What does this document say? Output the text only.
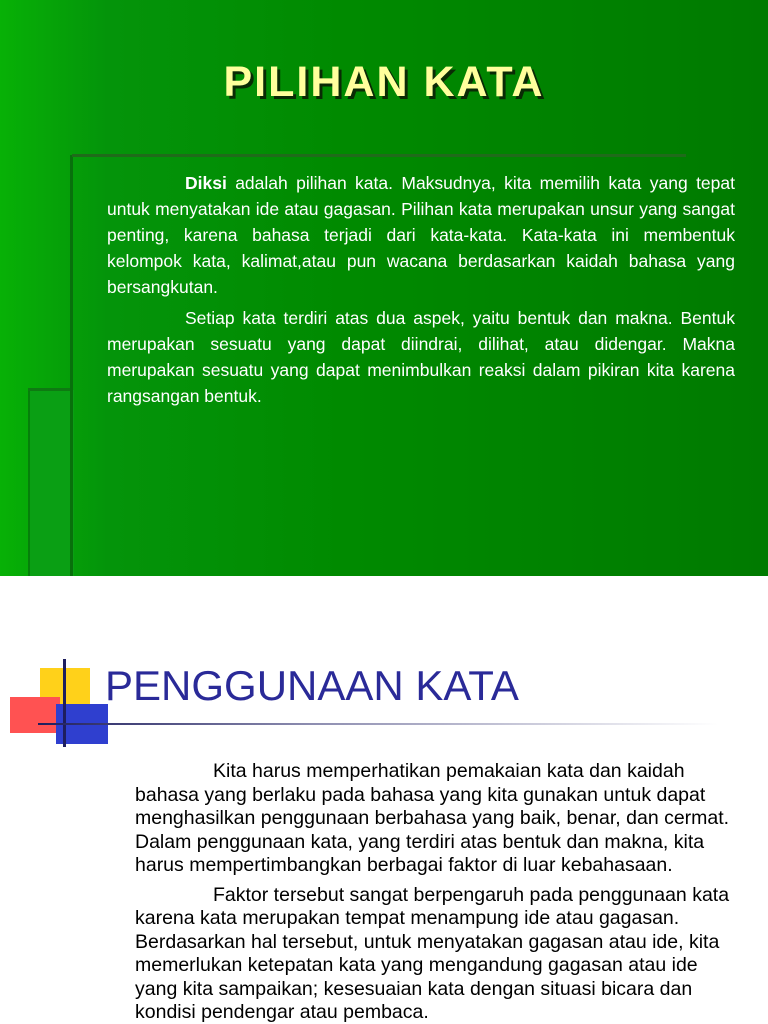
PILIHAN KATA

Diksi adalah pilihan kata. Maksudnya, kita memilih kata yang tepat untuk menyatakan ide atau gagasan. Pilihan kata merupakan unsur yang sangat penting, karena bahasa terjadi dari kata-kata. Kata-kata ini membentuk kelompok kata, kalimat,atau pun wacana berdasarkan kaidah bahasa yang bersangkutan.

Setiap kata terdiri atas dua aspek, yaitu bentuk dan makna. Bentuk merupakan sesuatu yang dapat diindrai, dilihat, atau didengar. Makna merupakan sesuatu yang dapat menimbulkan reaksi dalam pikiran kita karena rangsangan bentuk.

PENGGUNAAN KATA

Kita harus memperhatikan pemakaian kata dan kaidah bahasa yang berlaku pada bahasa yang kita gunakan untuk dapat menghasilkan penggunaan berbahasa yang baik, benar, dan cermat. Dalam penggunaan kata, yang terdiri atas bentuk dan makna, kita harus mempertimbangkan berbagai faktor di luar kebahasaan.

Faktor tersebut sangat berpengaruh pada penggunaan kata karena kata merupakan tempat menampung ide atau gagasan. Berdasarkan hal tersebut, untuk menyatakan gagasan atau ide, kita memerlukan ketepatan kata yang mengandung gagasan atau ide yang kita sampaikan; kesesuaian kata dengan situasi bicara dan kondisi pendengar atau pembaca.
